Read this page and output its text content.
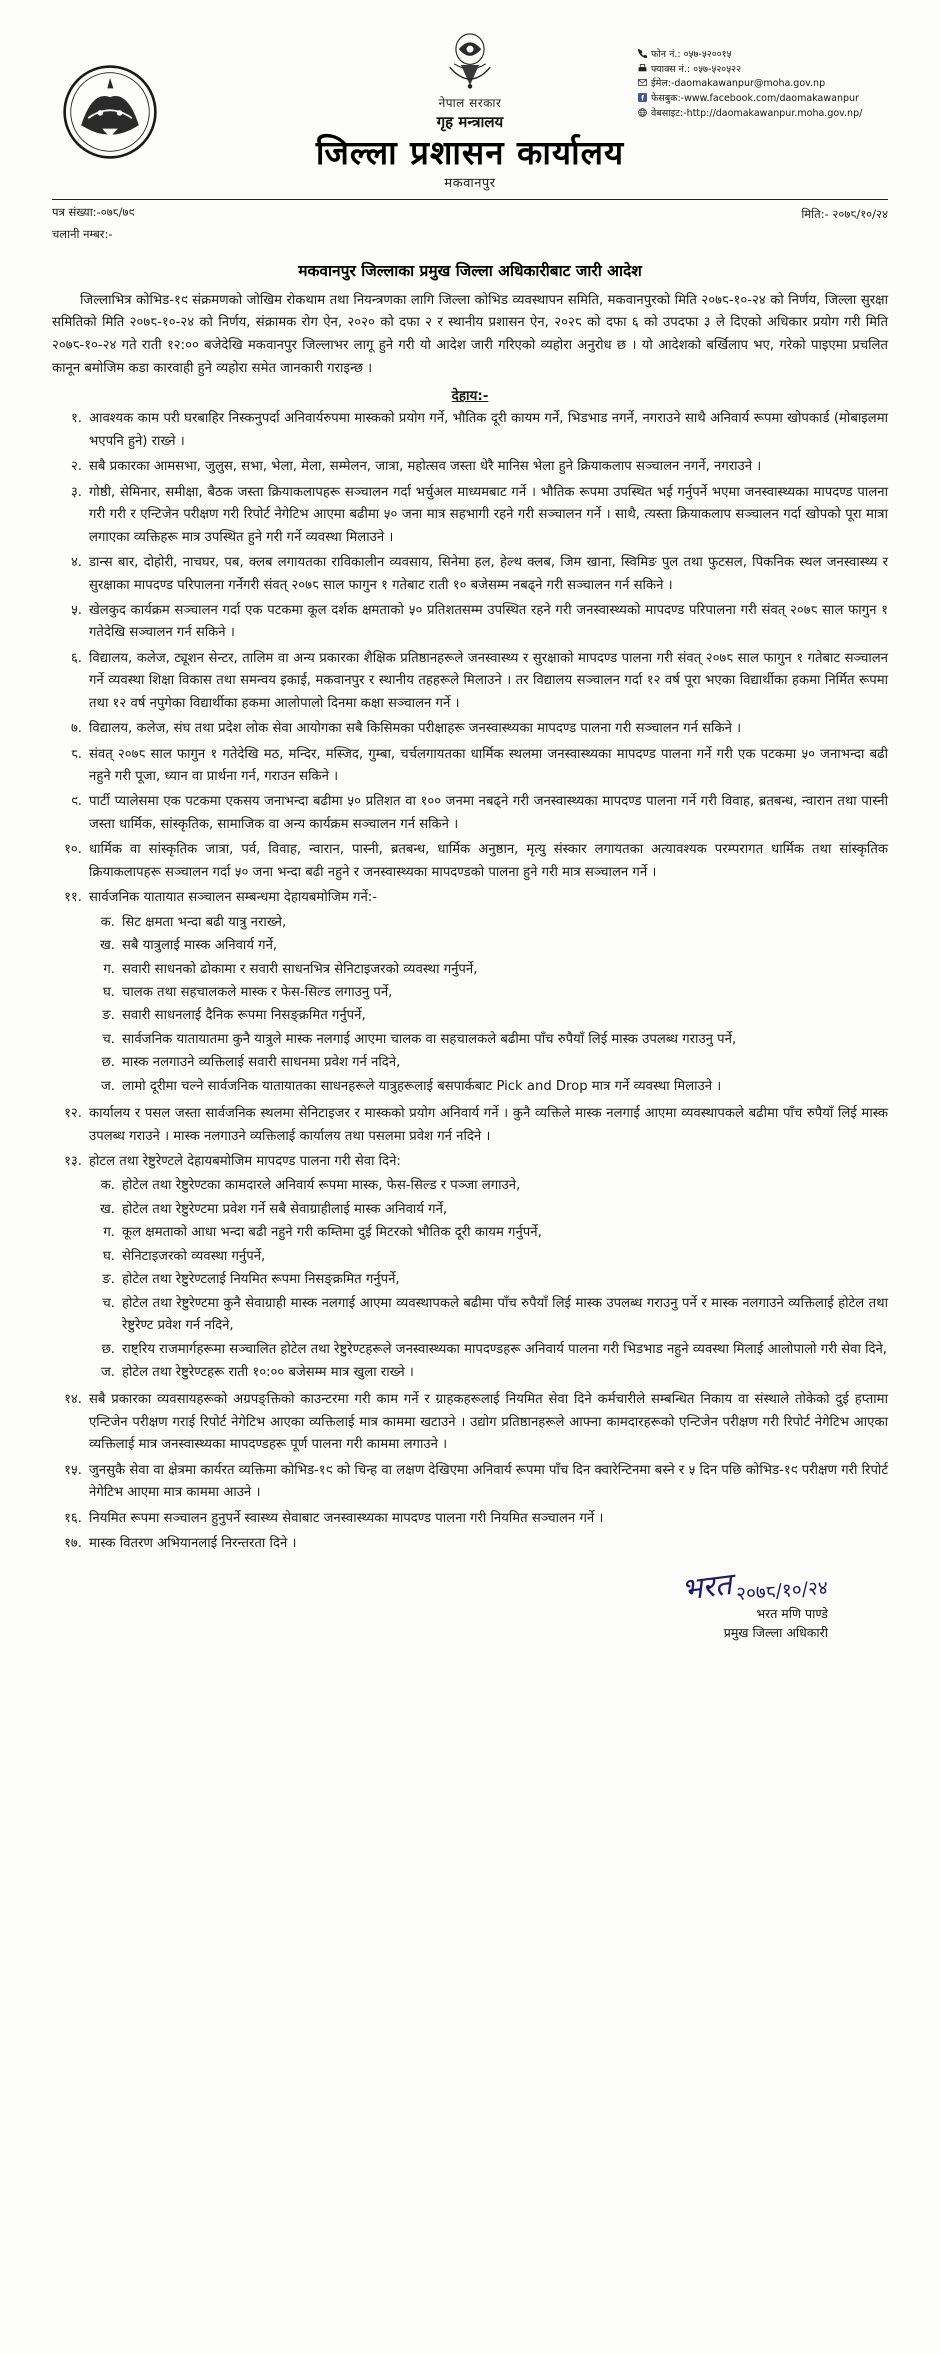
नेपाल सरकार
गृह मन्त्रालय
जिल्ला प्रशासन कार्यालय
मकवानपुर
फोन नं.: ०५७-५२००१५
फ्याक्स नं.: ०५७-५२०५२२
ईमेल:-daomakawanpur@moha.gov.np
फेसबुक:-www.facebook.com/daomakawanpur
वेबसाइट:-http://daomakawanpur.moha.gov.np/
पत्र संख्या:-०७८/७९
चलानी नम्बर:-
मिति:- २०७८/१०/२४
मकवानपुर जिल्लाका प्रमुख जिल्ला अधिकारीबाट जारी आदेश

जिल्लाभित्र कोभिड-१९ संक्रमणको जोखिम रोकथाम तथा नियन्त्रणका लागि जिल्ला कोभिड व्यवस्थापन समिति, मकवानपुरको मिति २०७८-१०-२४ को निर्णय, जिल्ला सुरक्षा समितिको मिति २०७८-१०-२४ को निर्णय, संक्रामक रोग ऐन, २०२० को दफा २ र स्थानीय प्रशासन ऐन, २०२८ को दफा ६ को उपदफा ३ ले दिएको अधिकार प्रयोग गरी मिति २०७८-१०-२४ गते राती १२:०० बजेदेखि मकवानपुर जिल्लाभर लागू हुने गरी यो आदेश जारी गरिएको व्यहोरा अनुरोध छ । यो आदेशको बर्खिलाप भए, गरेको पाइएमा प्रचलित कानून बमोजिम कडा कारवाही हुने व्यहोरा समेत जानकारी गराइन्छ ।

देहाय:-
१. आवश्यक काम परी घरबाहिर निस्कनुपर्दा अनिवार्यरुपमा मास्कको प्रयोग गर्ने, भौतिक दूरी कायम गर्ने, भिडभाड नगर्ने, नगराउने साथै अनिवार्य रूपमा खोपकार्ड (मोबाइलमा भएपनि हुने) राख्ने ।
२. सबै प्रकारका आमसभा, जुलुस, सभा, भेला, मेला, सम्मेलन, जात्रा, महोत्सव जस्ता धेरै मानिस भेला हुने क्रियाकलाप सञ्चालन नगर्ने, नगराउने ।
३. गोष्ठी, सेमिनार, समीक्षा, बैठक जस्ता क्रियाकलापहरू सञ्चालन गर्दा भर्चुअल माध्यमबाट गर्ने । भौतिक रूपमा उपस्थित भई गर्नुपर्ने भएमा जनस्वास्थ्यका मापदण्ड पालना गरी गरी र एन्टिजेन परीक्षण गरी रिपोर्ट नेगेटिभ आएमा बढीमा ५० जना मात्र सहभागी रहने गरी सञ्चालन गर्ने । साथै, त्यस्ता क्रियाकलाप सञ्चालन गर्दा खोपको पूरा मात्रा लगाएका व्यक्तिहरू मात्र उपस्थित हुने गरी गर्ने व्यवस्था मिलाउने ।
४. डान्स बार, दोहोरी, नाचघर, पब, क्लब लगायतका राविकालीन व्यवसाय, सिनेमा हल, हेल्थ क्लब, जिम खाना, स्विमिङ पुल तथा फुटसल, पिकनिक स्थल जनस्वास्थ्य र सुरक्षाका मापदण्ड परिपालना गर्नेगरी संवत् २०७८ साल फागुन १ गतेबाट राती १० बजेसम्म नबढ्ने गरी सञ्चालन गर्न सकिने ।
५. खेलकुद कार्यक्रम सञ्चालन गर्दा एक पटकमा कूल दर्शक क्षमताको ५० प्रतिशतसम्म उपस्थित रहने गरी जनस्वास्थ्यको मापदण्ड परिपालना गरी संवत् २०७८ साल फागुन १ गतेदेखि सञ्चालन गर्न सकिने ।
६. विद्यालय, कलेज, ट्यूशन सेन्टर, तालिम वा अन्य प्रकारका शैक्षिक प्रतिष्ठानहरूले जनस्वास्थ्य र सुरक्षाको मापदण्ड पालना गरी संवत् २०७८ साल फागुन १ गतेबाट सञ्चालन गर्ने व्यवस्था शिक्षा विकास तथा समन्वय इकाई, मकवानपुर र स्थानीय तहहरूले मिलाउने । तर विद्यालय सञ्चालन गर्दा १२ वर्ष पूरा भएका विद्यार्थीका हकमा निर्मित रूपमा तथा १२ वर्ष नपुगेका विद्यार्थीका हकमा आलोपालो दिनमा कक्षा सञ्चालन गर्ने ।
७. विद्यालय, कलेज, संघ तथा प्रदेश लोक सेवा आयोगका सबै किसिमका परीक्षाहरू जनस्वास्थ्यका मापदण्ड पालना गरी सञ्चालन गर्न सकिने ।
८. संवत् २०७८ साल फागुन १ गतेदेखि मठ, मन्दिर, मस्जिद, गुम्बा, चर्चलगायतका धार्मिक स्थलमा जनस्वास्थ्यका मापदण्ड पालना गर्ने गरी एक पटकमा ५० जनाभन्दा बढी नहुने गरी पूजा, ध्यान वा प्रार्थना गर्न, गराउन सकिने ।
९. पार्टी प्यालेसमा एक पटकमा एकसय जनाभन्दा बढीमा ५० प्रतिशत वा १०० जनमा नबढ्ने गरी जनस्वास्थ्यका मापदण्ड पालना गर्ने गरी विवाह, ब्रतबन्ध, न्वारान तथा पास्नी जस्ता धार्मिक, सांस्कृतिक, सामाजिक वा अन्य कार्यक्रम सञ्चालन गर्न सकिने ।
१०. धार्मिक वा सांस्कृतिक जात्रा, पर्व, विवाह, न्वारान, पास्नी, ब्रतबन्ध, धार्मिक अनुष्ठान, मृत्यु संस्कार लगायतका अत्यावश्यक परम्परागत धार्मिक तथा सांस्कृतिक क्रियाकलापहरू सञ्चालन गर्दा ५० जना भन्दा बढी नहुने र जनस्वास्थ्यका मापदण्डको पालना हुने गरी मात्र सञ्चालन गर्ने ।
११. सार्वजनिक यातायात सञ्चालन सम्बन्धमा देहायबमोजिम गर्ने:-
क. सिट क्षमता भन्दा बढी यात्रु नराख्ने,
ख. सबै यात्रुलाई मास्क अनिवार्य गर्ने,
ग. सवारी साधनको ढोकामा र सवारी साधनभित्र सेनिटाइजरको व्यवस्था गर्नुपर्ने,
घ. चालक तथा सहचालकले मास्क र फेस-सिल्ड लगाउनु पर्ने,
ङ. सवारी साधनलाई दैनिक रूपमा निसङ्क्रमित गर्नुपर्ने,
च. सार्वजनिक यातायातमा कुनै यात्रुले मास्क नलगाई आएमा चालक वा सहचालकले बढीमा पाँच रुपैयाँ लिई मास्क उपलब्ध गराउनु पर्ने,
छ. मास्क नलगाउने व्यक्तिलाई सवारी साधनमा प्रवेश गर्न नदिने,
ज. लामो दूरीमा चल्ने सार्वजनिक यातायातका साधनहरूले यात्रुहरूलाई बसपार्कबाट Pick and Drop मात्र गर्ने व्यवस्था मिलाउने ।
१२. कार्यालय र पसल जस्ता सार्वजनिक स्थलमा सेनिटाइजर र मास्कको प्रयोग अनिवार्य गर्ने । कुनै व्यक्तिले मास्क नलगाई आएमा व्यवस्थापकले बढीमा पाँच रुपैयाँ लिई मास्क उपलब्ध गराउने । मास्क नलगाउने व्यक्तिलाई कार्यालय तथा पसलमा प्रवेश गर्न नदिने ।
१३. होटल तथा रेष्टुरेण्टले देहायबमोजिम मापदण्ड पालना गरी सेवा दिने:
क. होटेल तथा रेष्टुरेण्टका कामदारले अनिवार्य रूपमा मास्क, फेस-सिल्ड र पञ्जा लगाउने,
ख. होटेल तथा रेष्टुरेण्टमा प्रवेश गर्ने सबै सेवाग्राहीलाई मास्क अनिवार्य गर्ने,
ग. कूल क्षमताको आधा भन्दा बढी नहुने गरी कम्तिमा दुई मिटरको भौतिक दूरी कायम गर्नुपर्ने,
घ. सेनिटाइजरको व्यवस्था गर्नुपर्ने,
ङ. होटेल तथा रेष्टुरेण्टलाई नियमित रूपमा निसङ्क्रमित गर्नुपर्ने,
च. होटेल तथा रेष्टुरेण्टमा कुनै सेवाग्राही मास्क नलगाई आएमा व्यवस्थापकले बढीमा पाँच रुपैयाँ लिई मास्क उपलब्ध गराउनु पर्ने र मास्क नलगाउने व्यक्तिलाई होटेल तथा रेष्टुरेण्ट प्रवेश गर्न नदिने,
छ. राष्ट्रिय राजमार्गहरूमा सञ्चालित होटेल तथा रेष्टुरेण्टहरूले जनस्वास्थ्यका मापदण्डहरू अनिवार्य पालना गरी भिडभाड नहुने व्यवस्था मिलाई आलोपालो गरी सेवा दिने,
ज. होटेल तथा रेष्टुरेण्टहरू राती १०:०० बजेसम्म मात्र खुला राख्ने ।
१४. सबै प्रकारका व्यवसायहरूको अग्रपङ्क्तिको काउन्टरमा गरी काम गर्ने र ग्राहकहरूलाई नियमित सेवा दिने कर्मचारीले सम्बन्धित निकाय वा संस्थाले तोकेको दुई हप्तामा एन्टिजेन परीक्षण गराई रिपोर्ट नेगेटिभ आएका व्यक्तिलाई मात्र काममा खटाउने । उद्योग प्रतिष्ठानहरूले आफ्ना कामदारहरूको एन्टिजेन परीक्षण गरी रिपोर्ट नेगेटिभ आएका व्यक्तिलाई मात्र जनस्वास्थ्यका मापदण्डहरू पूर्ण पालना गरी काममा लगाउने ।
१५. जुनसुकै सेवा वा क्षेत्रमा कार्यरत व्यक्तिमा कोभिड-१९ को चिन्ह वा लक्षण देखिएमा अनिवार्य रूपमा पाँच दिन क्वारेन्टिनमा बस्ने र ५ दिन पछि कोभिड-१९ परीक्षण गरी रिपोर्ट नेगेटिभ आएमा मात्र काममा आउने ।
१६. नियमित रूपमा सञ्चालन हुनुपर्ने स्वास्थ्य सेवाबाट जनस्वास्थ्यका मापदण्ड पालना गरी नियमित सञ्चालन गर्ने ।
१७. मास्क वितरण अभियानलाई निरन्तरता दिने ।
भरत २०७८/१०/२४
भरत मणि पाण्डे
प्रमुख जिल्ला अधिकारी
